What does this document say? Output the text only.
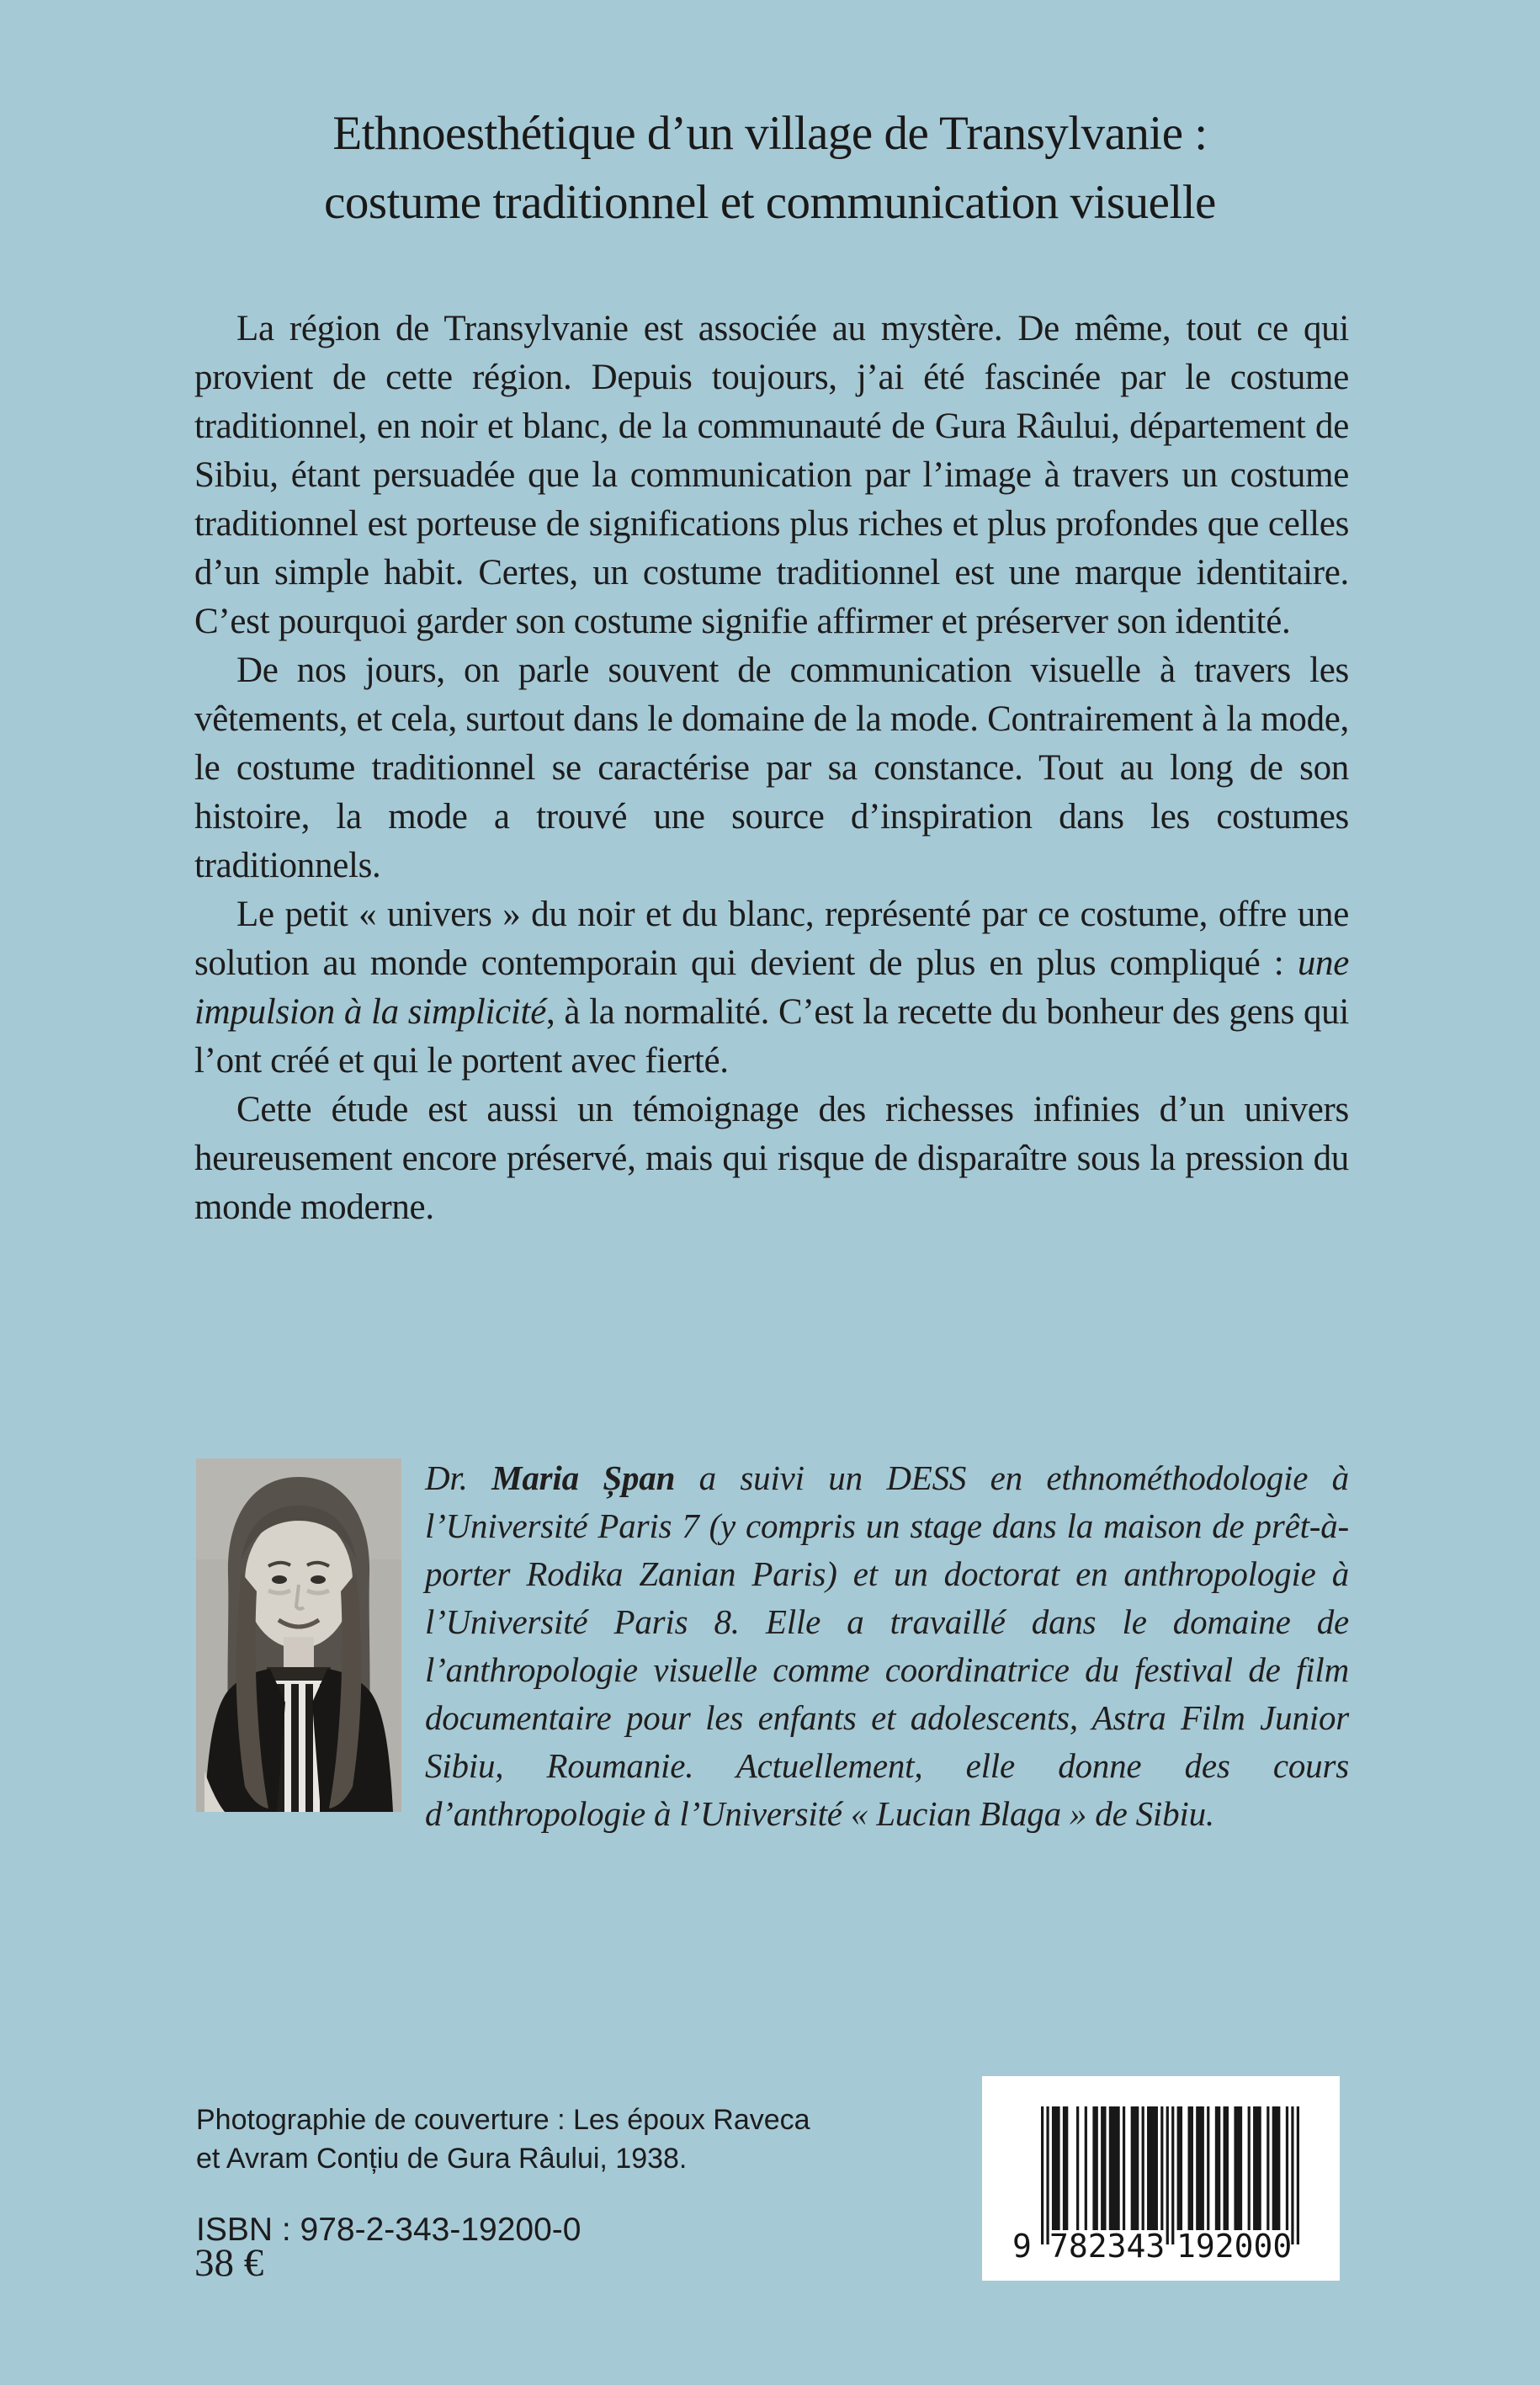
Ethnoesthétique d’un village de Transylvanie :
costume traditionnel et communication visuelle

La région de Transylvanie est associée au mystère. De même, tout ce qui provient de cette région. Depuis toujours, j’ai été fascinée par le costume traditionnel, en noir et blanc, de la communauté de Gura Râului, département de Sibiu, étant persuadée que la communication par l’image à travers un costume traditionnel est porteuse de significations plus riches et plus profondes que celles d’un simple habit. Certes, un costume traditionnel est une marque identitaire. C’est pourquoi garder son costume signifie affirmer et préserver son identité.

De nos jours, on parle souvent de communication visuelle à travers les vêtements, et cela, surtout dans le domaine de la mode. Contrairement à la mode, le costume traditionnel se caractérise par sa constance. Tout au long de son histoire, la mode a trouvé une source d’inspiration dans les costumes traditionnels.

Le petit « univers » du noir et du blanc, représenté par ce costume, offre une solution au monde contemporain qui devient de plus en plus compliqué : une impulsion à la simplicité, à la normalité. C’est la recette du bonheur des gens qui l’ont créé et qui le portent avec fierté.

Cette étude est aussi un témoignage des richesses infinies d’un univers heureusement encore préservé, mais qui risque de disparaître sous la pression du monde moderne.

Dr. Maria Șpan a suivi un DESS en ethnométhodologie à l’Université Paris 7 (y compris un stage dans la maison de prêt-à-porter Rodika Zanian Paris) et un doctorat en anthropologie à l’Université Paris 8. Elle a travaillé dans le domaine de l’anthropologie visuelle comme coordinatrice du festival de film documentaire pour les enfants et adolescents, Astra Film Junior Sibiu, Roumanie. Actuellement, elle donne des cours d’anthropologie à l’Université « Lucian Blaga » de Sibiu.
Photographie de couverture : Les époux Raveca
et Avram Conțiu de Gura Râului, 1938.
ISBN : 978-2-343-19200-0
38 €	9 782343 192000
